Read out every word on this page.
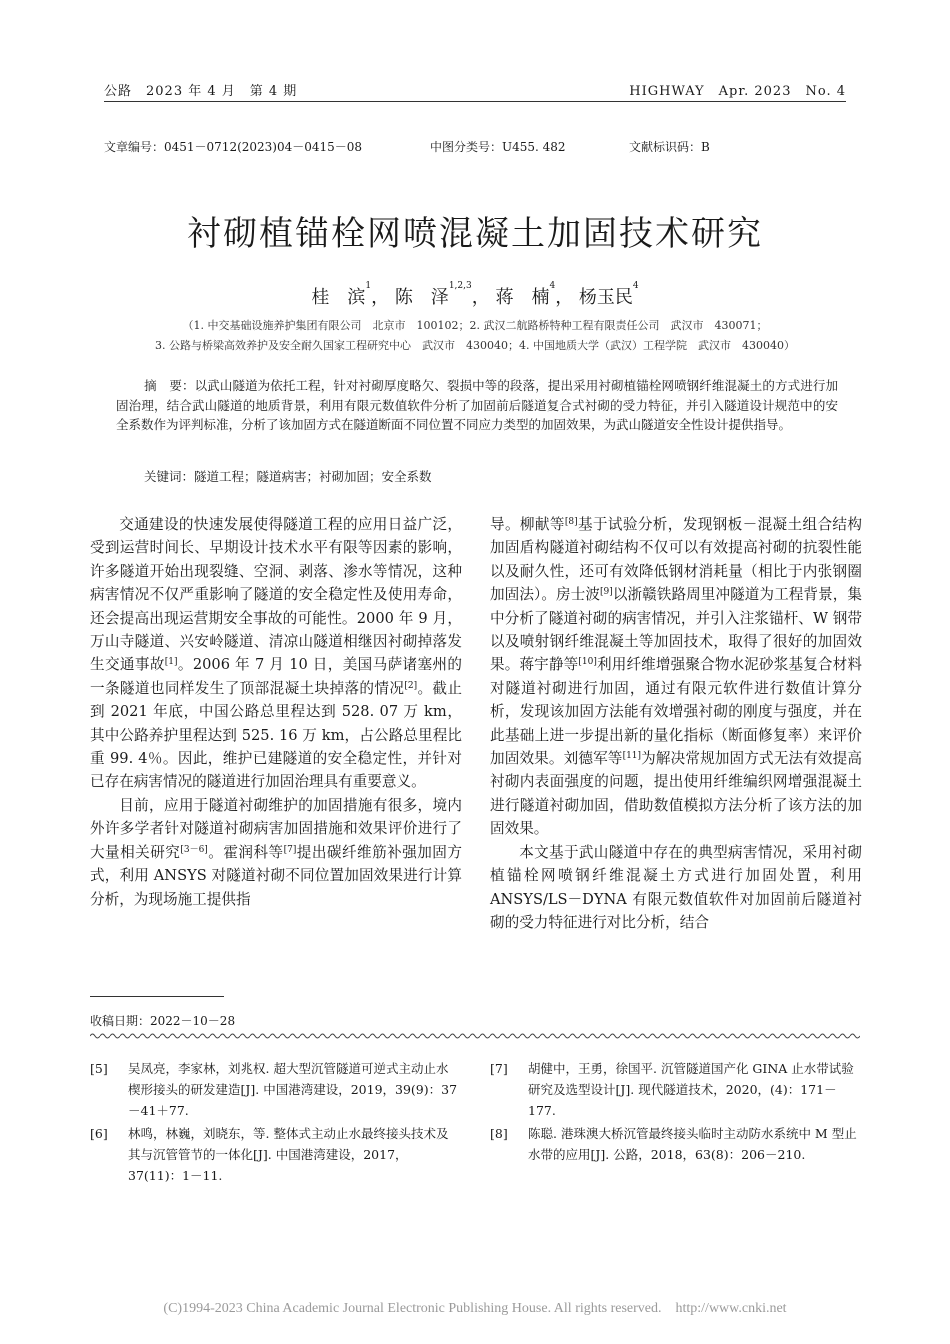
公路　2023 年 4 月　第 4 期	HIGHWAY　Apr. 2023　No. 4
文章编号：0451－0712(2023)04－0415－08	中图分类号：U455. 482	文献标识码：B
衬砌植锚栓网喷混凝土加固技术研究
桂　滨$^1$， 陈　泽$^{1,2,3}$， 蒋　楠$^4$， 杨玉民$^4$
（1. 中交基础设施养护集团有限公司　北京市　100102；2. 武汉二航路桥特种工程有限责任公司　武汉市　430071；
3. 公路与桥梁高效养护及安全耐久国家工程研究中心　武汉市　430040；4. 中国地质大学（武汉）工程学院　武汉市　430040）
摘　要：以武山隧道为依托工程，针对衬砌厚度略欠、裂损中等的段落，提出采用衬砌植锚栓网喷钢纤维混凝土的方式进行加固治理，结合武山隧道的地质背景，利用有限元数值软件分析了加固前后隧道复合式衬砌的受力特征，并引入隧道设计规范中的安全系数作为评判标准，分析了该加固方式在隧道断面不同位置不同应力类型的加固效果，为武山隧道安全性设计提供指导。
关键词：隧道工程；隧道病害；衬砌加固；安全系数

交通建设的快速发展使得隧道工程的应用日益广泛，受到运营时间长、早期设计技术水平有限等因素的影响，许多隧道开始出现裂缝、空洞、剥落、渗水等情况，这种病害情况不仅严重影响了隧道的安全稳定性及使用寿命，还会提高出现运营期安全事故的可能性。2000 年 9 月，万山寺隧道、兴安岭隧道、清凉山隧道相继因衬砌掉落发生交通事故[1]。2006 年 7 月 10 日，美国马萨诸塞州的一条隧道也同样发生了顶部混凝土块掉落的情况[2]。截止到 2021 年底，中国公路总里程达到 528. 07 万 km，其中公路养护里程达到 525. 16 万 km，占公路总里程比重 99. 4％。因此，维护已建隧道的安全稳定性，并针对已存在病害情况的隧道进行加固治理具有重要意义。

目前，应用于隧道衬砌维护的加固措施有很多，境内外许多学者针对隧道衬砌病害加固措施和效果评价进行了大量相关研究[3－6]。霍润科等[7]提出碳纤维筋补强加固方式，利用 ANSYS 对隧道衬砌不同位置加固效果进行计算分析，为现场施工提供指

导。柳献等[8]基于试验分析，发现钢板－混凝土组合结构加固盾构隧道衬砌结构不仅可以有效提高衬砌的抗裂性能以及耐久性，还可有效降低钢材消耗量（相比于内张钢圈加固法）。房士波[9]以浙赣铁路周里冲隧道为工程背景，集中分析了隧道衬砌的病害情况，并引入注浆锚杆、W 钢带以及喷射钢纤维混凝土等加固技术，取得了很好的加固效果。蒋宇静等[10]利用纤维增强聚合物水泥砂浆基复合材料对隧道衬砌进行加固，通过有限元软件进行数值计算分析，发现该加固方法能有效增强衬砌的刚度与强度，并在此基础上进一步提出新的量化指标（断面修复率）来评价加固效果。刘德军等[11]为解决常规加固方式无法有效提高衬砌内表面强度的问题，提出使用纤维编织网增强混凝土进行隧道衬砌加固，借助数值模拟方法分析了该方法的加固效果。

本文基于武山隧道中存在的典型病害情况，采用衬砌植锚栓网喷钢纤维混凝土方式进行加固处置，利用 ANSYS/LS－DYNA 有限元数值软件对加固前后隧道衬砌的受力特征进行对比分析，结合

收稿日期：2022－10－28
[5] 吴凤亮，李家林，刘兆权. 超大型沉管隧道可逆式主动止水楔形接头的研发建造[J]. 中国港湾建设，2019，39(9)：37－41＋77.
[6] 林鸣，林巍，刘晓东，等. 整体式主动止水最终接头技术及其与沉管管节的一体化[J]. 中国港湾建设，2017，37(11)：1－11.
[7] 胡健中，王勇，徐国平. 沉管隧道国产化 GINA 止水带试验研究及选型设计[J]. 现代隧道技术，2020，(4)：171－177.
[8] 陈聪. 港珠澳大桥沉管最终接头临时主动防水系统中 M 型止水带的应用[J]. 公路，2018，63(8)：206－210.
(C)1994-2023 China Academic Journal Electronic Publishing House. All rights reserved.　http://www.cnki.net
